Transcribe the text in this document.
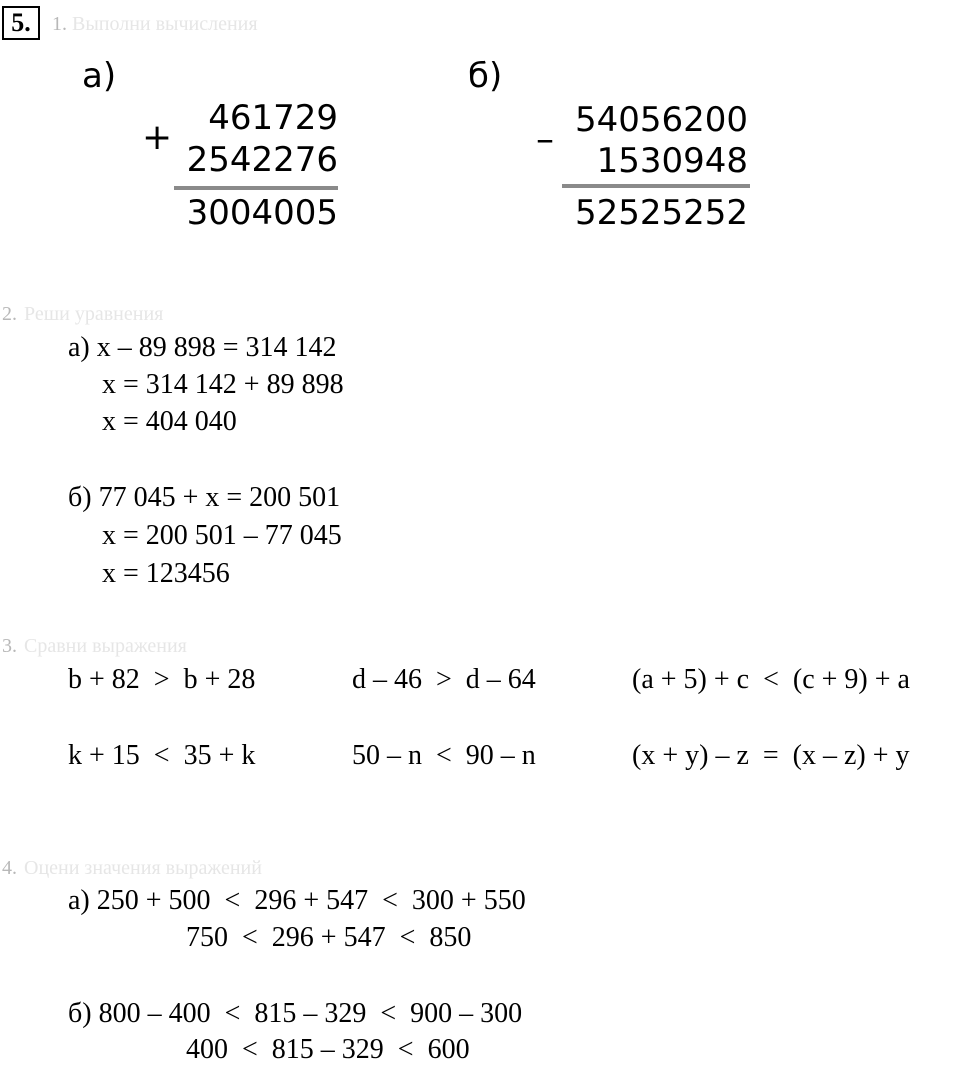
5.	1. Выполни вычисления
а)
+	461729
2542276
3004005
б)
– 54056200
1530948
52525252
2. Реши уравнения
а) x – 89 898 = 314 142
x = 314 142 + 89 898
x = 404 040
б) 77 045 + x = 200 501
x = 200 501 – 77 045
x = 123456
3. Сравни выражения
b + 82  >  b + 28	d – 46  >  d – 64	(a + 5) + c  <  (c + 9) + a
k + 15  <  35 + k	50 – n  <  90 – n	(x + y) – z  =  (x – z) + y
4. Оцени значения выражений
а) 250 + 500  <  296 + 547  <  300 + 550
750  <  296 + 547  <  850
б) 800 – 400  <  815 – 329  <  900 – 300
400  <  815 – 329  <  600
